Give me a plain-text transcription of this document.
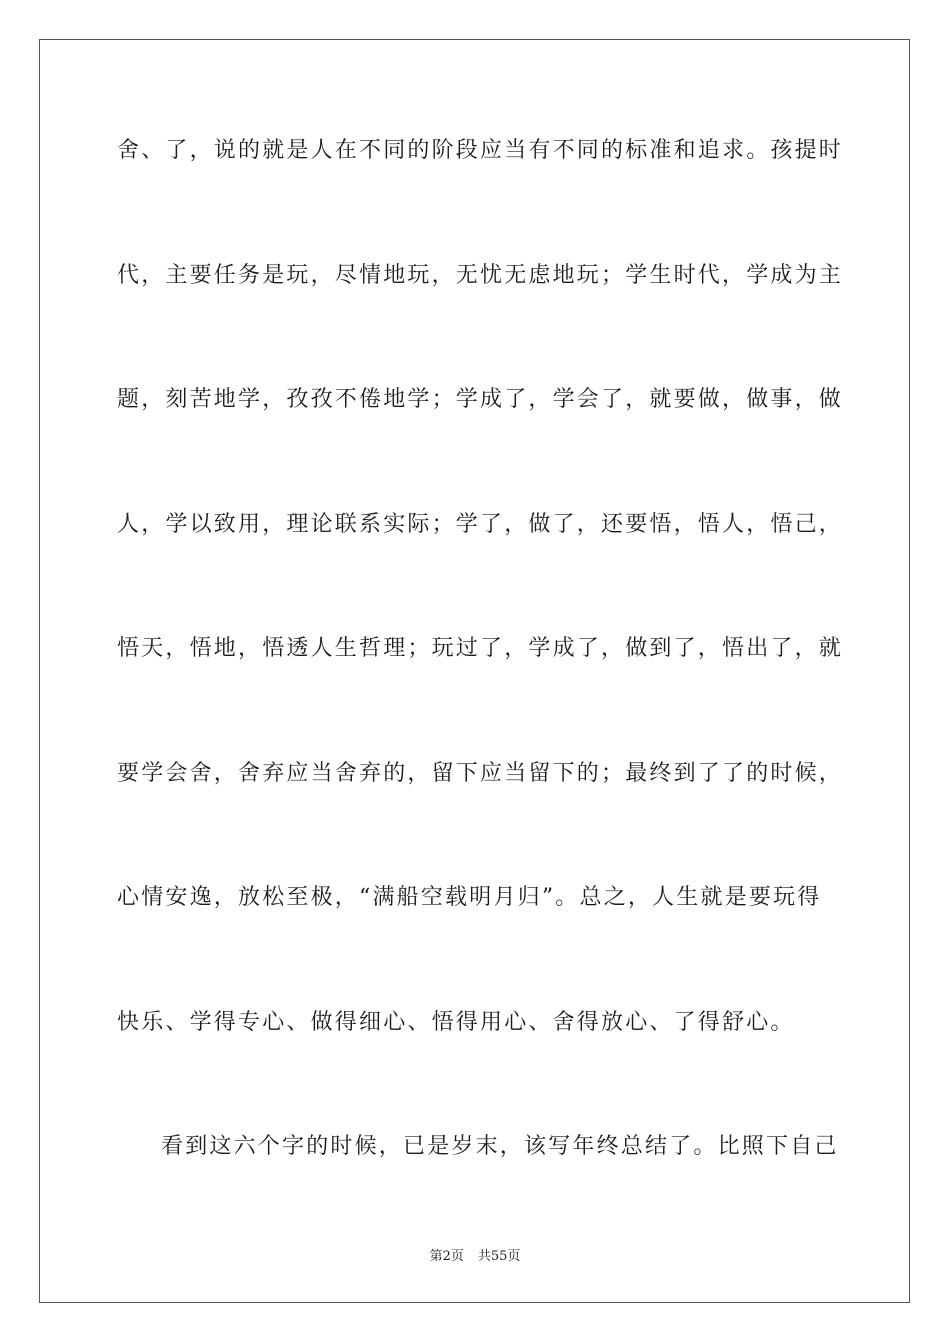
舍、了，说的就是人在不同的阶段应当有不同的标准和追求。孩提时
代，主要任务是玩，尽情地玩，无忧无虑地玩；学生时代，学成为主
题，刻苦地学，孜孜不倦地学；学成了，学会了，就要做，做事，做
人，学以致用，理论联系实际；学了，做了，还要悟，悟人，悟己，
悟天，悟地，悟透人生哲理；玩过了，学成了，做到了，悟出了，就
要学会舍，舍弃应当舍弃的，留下应当留下的；最终到了了的时候，
心情安逸，放松至极，“满船空载明月归”。总之，人生就是要玩得
快乐、学得专心、做得细心、悟得用心、舍得放心、了得舒心。
看到这六个字的时候，已是岁末，该写年终总结了。比照下自己
第2页 共55页
